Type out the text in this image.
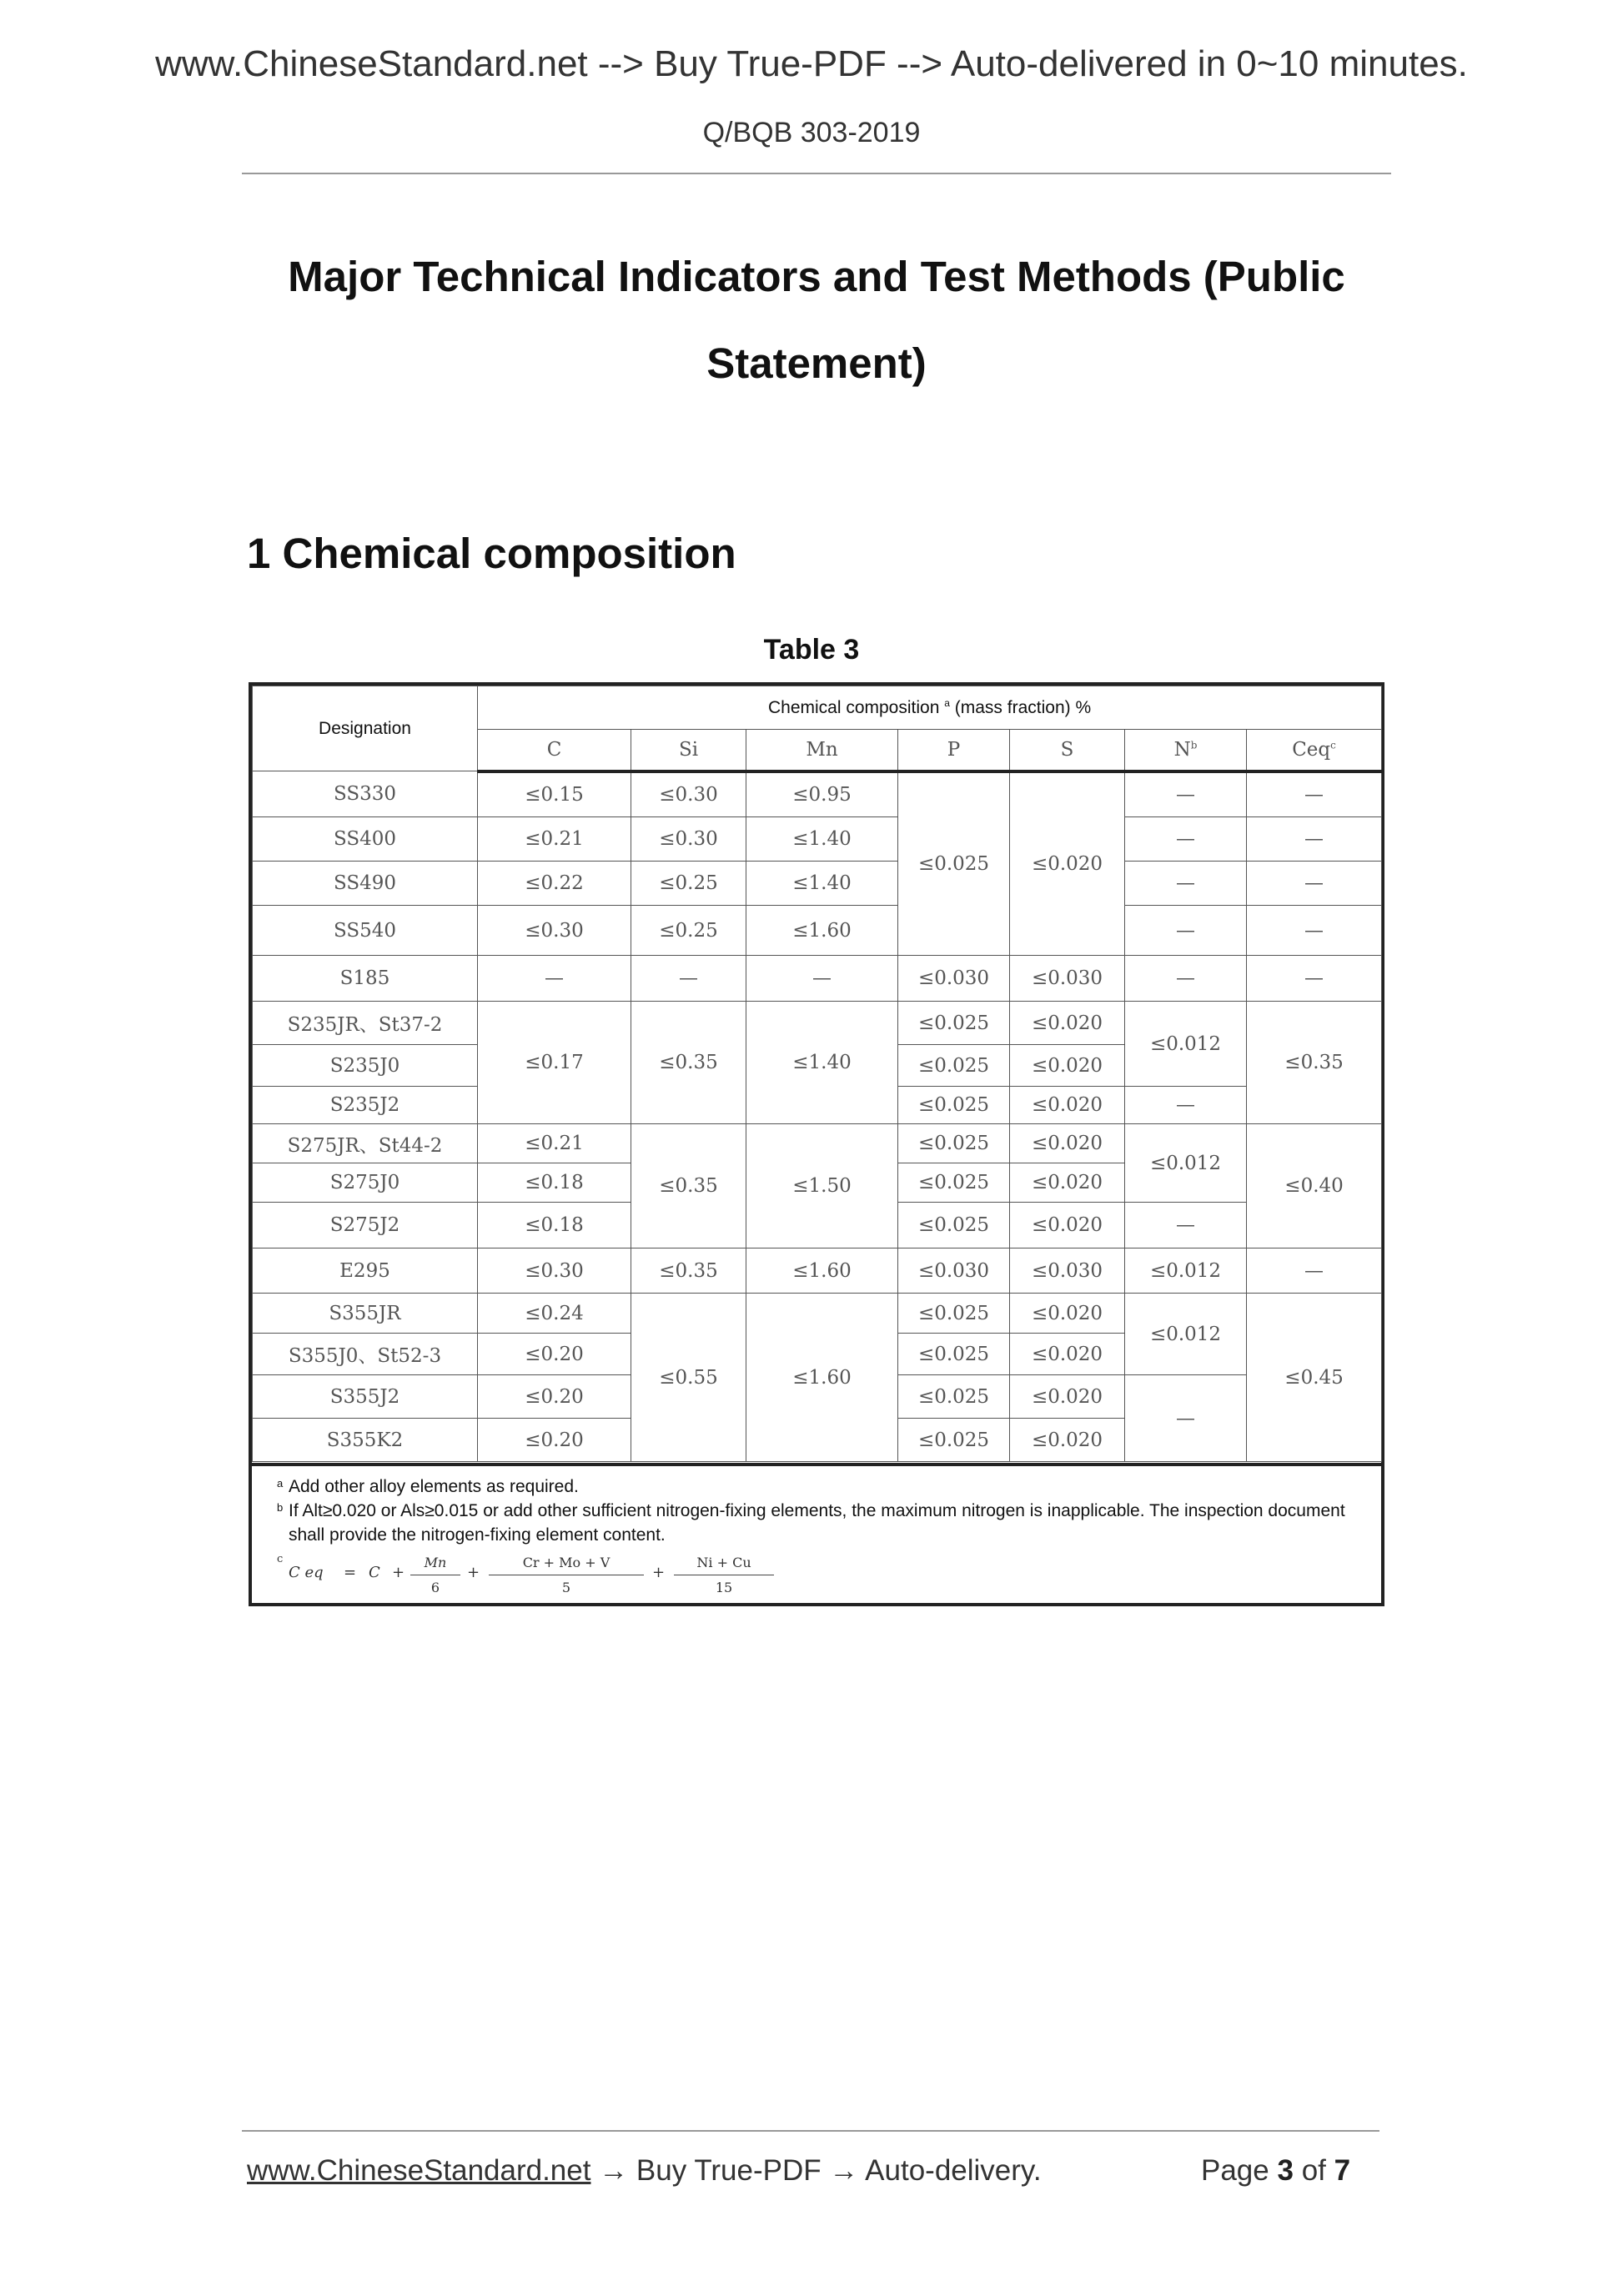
www.ChineseStandard.net --> Buy True-PDF --> Auto-delivered in 0~10 minutes.
Q/BQB 303-2019
Major Technical Indicators and Test Methods (Public Statement)
1 Chemical composition
Table 3
Designation	Chemical composition $^a$ (mass fraction) %						
	C	Si	Mn	P	S	$N^b$	Ceq$^c$
SS330	≤0.15	≤0.30	≤0.95	≤0.025	≤0.020	—	—
SS400	≤0.21	≤0.30	≤1.40			—	—
SS490	≤0.22	≤0.25	≤1.40			—	—
SS540	≤0.30	≤0.25	≤1.60			—	—
S185	—	—	—	≤0.030	≤0.030	—	—
S235JR、St37-2	≤0.17	≤0.35	≤1.40	≤0.025	≤0.020	≤0.012	≤0.35
S235J0				≤0.025	≤0.020		
S235J2				≤0.025	≤0.020	—	
S275JR、St44-2	≤0.21	≤0.35	≤1.50	≤0.025	≤0.020	≤0.012	≤0.40
S275J0	≤0.18			≤0.025	≤0.020		
S275J2	≤0.18			≤0.025	≤0.020	—	
E295	≤0.30	≤0.35	≤1.60	≤0.030	≤0.030	≤0.012	—
S355JR	≤0.24	≤0.55	≤1.60	≤0.025	≤0.020	≤0.012	≤0.45
S355J0、St52-3	≤0.20			≤0.025	≤0.020		
S355J2	≤0.20			≤0.025	≤0.020	—	
S355K2	≤0.20			≤0.025	≤0.020		
a Add other alloy elements as required.
b If Alt≥0.020 or Als≥0.015 or add other sufficient nitrogen-fixing elements, the maximum nitrogen is inapplicable. The inspection document shall provide the nitrogen-fixing element content.
c
C eq = $C + \frac{Mn}{6} + \frac{Cr + Mo + V}{5} + \frac{Ni + Cu}{15}$
www.ChineseStandard.net → Buy True-PDF → Auto-delivery.	Page 3 of 7
